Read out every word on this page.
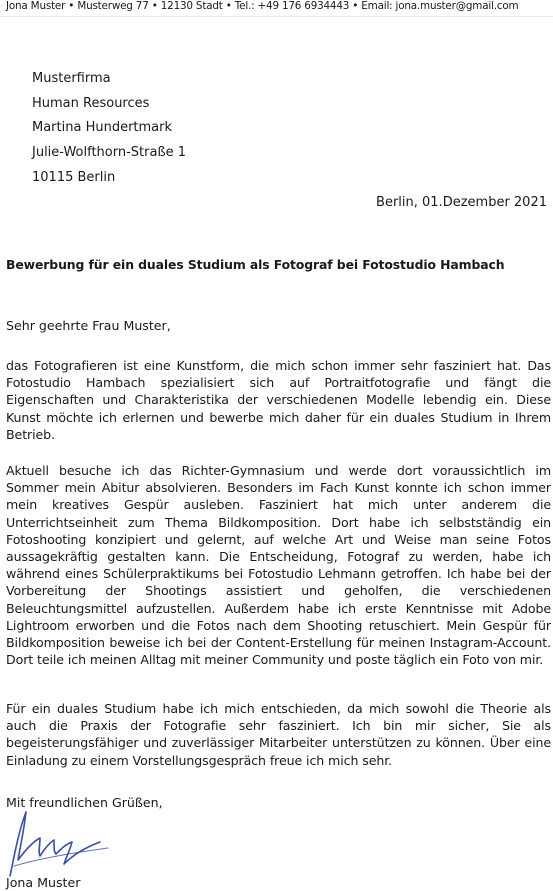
Jona Muster • Musterweg 77 • 12130 Stadt • Tel.: +49 176 6934443 • Email: jona.muster@gmail.com
Musterfirma
Human Resources
Martina Hundertmark
Julie-Wolfthorn-Straße 1
10115 Berlin
Berlin, 01.Dezember 2021
Bewerbung für ein duales Studium als Fotograf bei Fotostudio Hambach
Sehr geehrte Frau Muster,
das Fotografieren ist eine Kunstform, die mich schon immer sehr fasziniert hat. Das Fotostudio Hambach spezialisiert sich auf Portraitfotografie und fängt die Eigenschaften und Charakteristika der verschiedenen Modelle lebendig ein. Diese Kunst möchte ich erlernen und bewerbe mich daher für ein duales Studium in Ihrem Betrieb.
Aktuell besuche ich das Richter-Gymnasium und werde dort voraussichtlich im Sommer mein Abitur absolvieren. Besonders im Fach Kunst konnte ich schon immer mein kreatives Gespür ausleben. Fasziniert hat mich unter anderem die Unterrichtseinheit zum Thema Bildkomposition. Dort habe ich selbstständig ein Fotoshooting konzipiert und gelernt, auf welche Art und Weise man seine Fotos aussagekräftig gestalten kann. Die Entscheidung, Fotograf zu werden, habe ich während eines Schülerpraktikums bei Fotostudio Lehmann getroffen. Ich habe bei der Vorbereitung der Shootings assistiert und geholfen, die verschiedenen Beleuchtungsmittel aufzustellen. Außerdem habe ich erste Kenntnisse mit Adobe Lightroom erworben und die Fotos nach dem Shooting retuschiert. Mein Gespür für Bildkomposition beweise ich bei der Content-Erstellung für meinen Instagram-Account. Dort teile ich meinen Alltag mit meiner Community und poste täglich ein Foto von mir.
Für ein duales Studium habe ich mich entschieden, da mich sowohl die Theorie als auch die Praxis der Fotografie sehr fasziniert. Ich bin mir sicher, Sie als begeisterungsfähiger und zuverlässiger Mitarbeiter unterstützen zu können. Über eine Einladung zu einem Vorstellungsgespräch freue ich mich sehr.
Mit freundlichen Grüßen,
Jona Muster
